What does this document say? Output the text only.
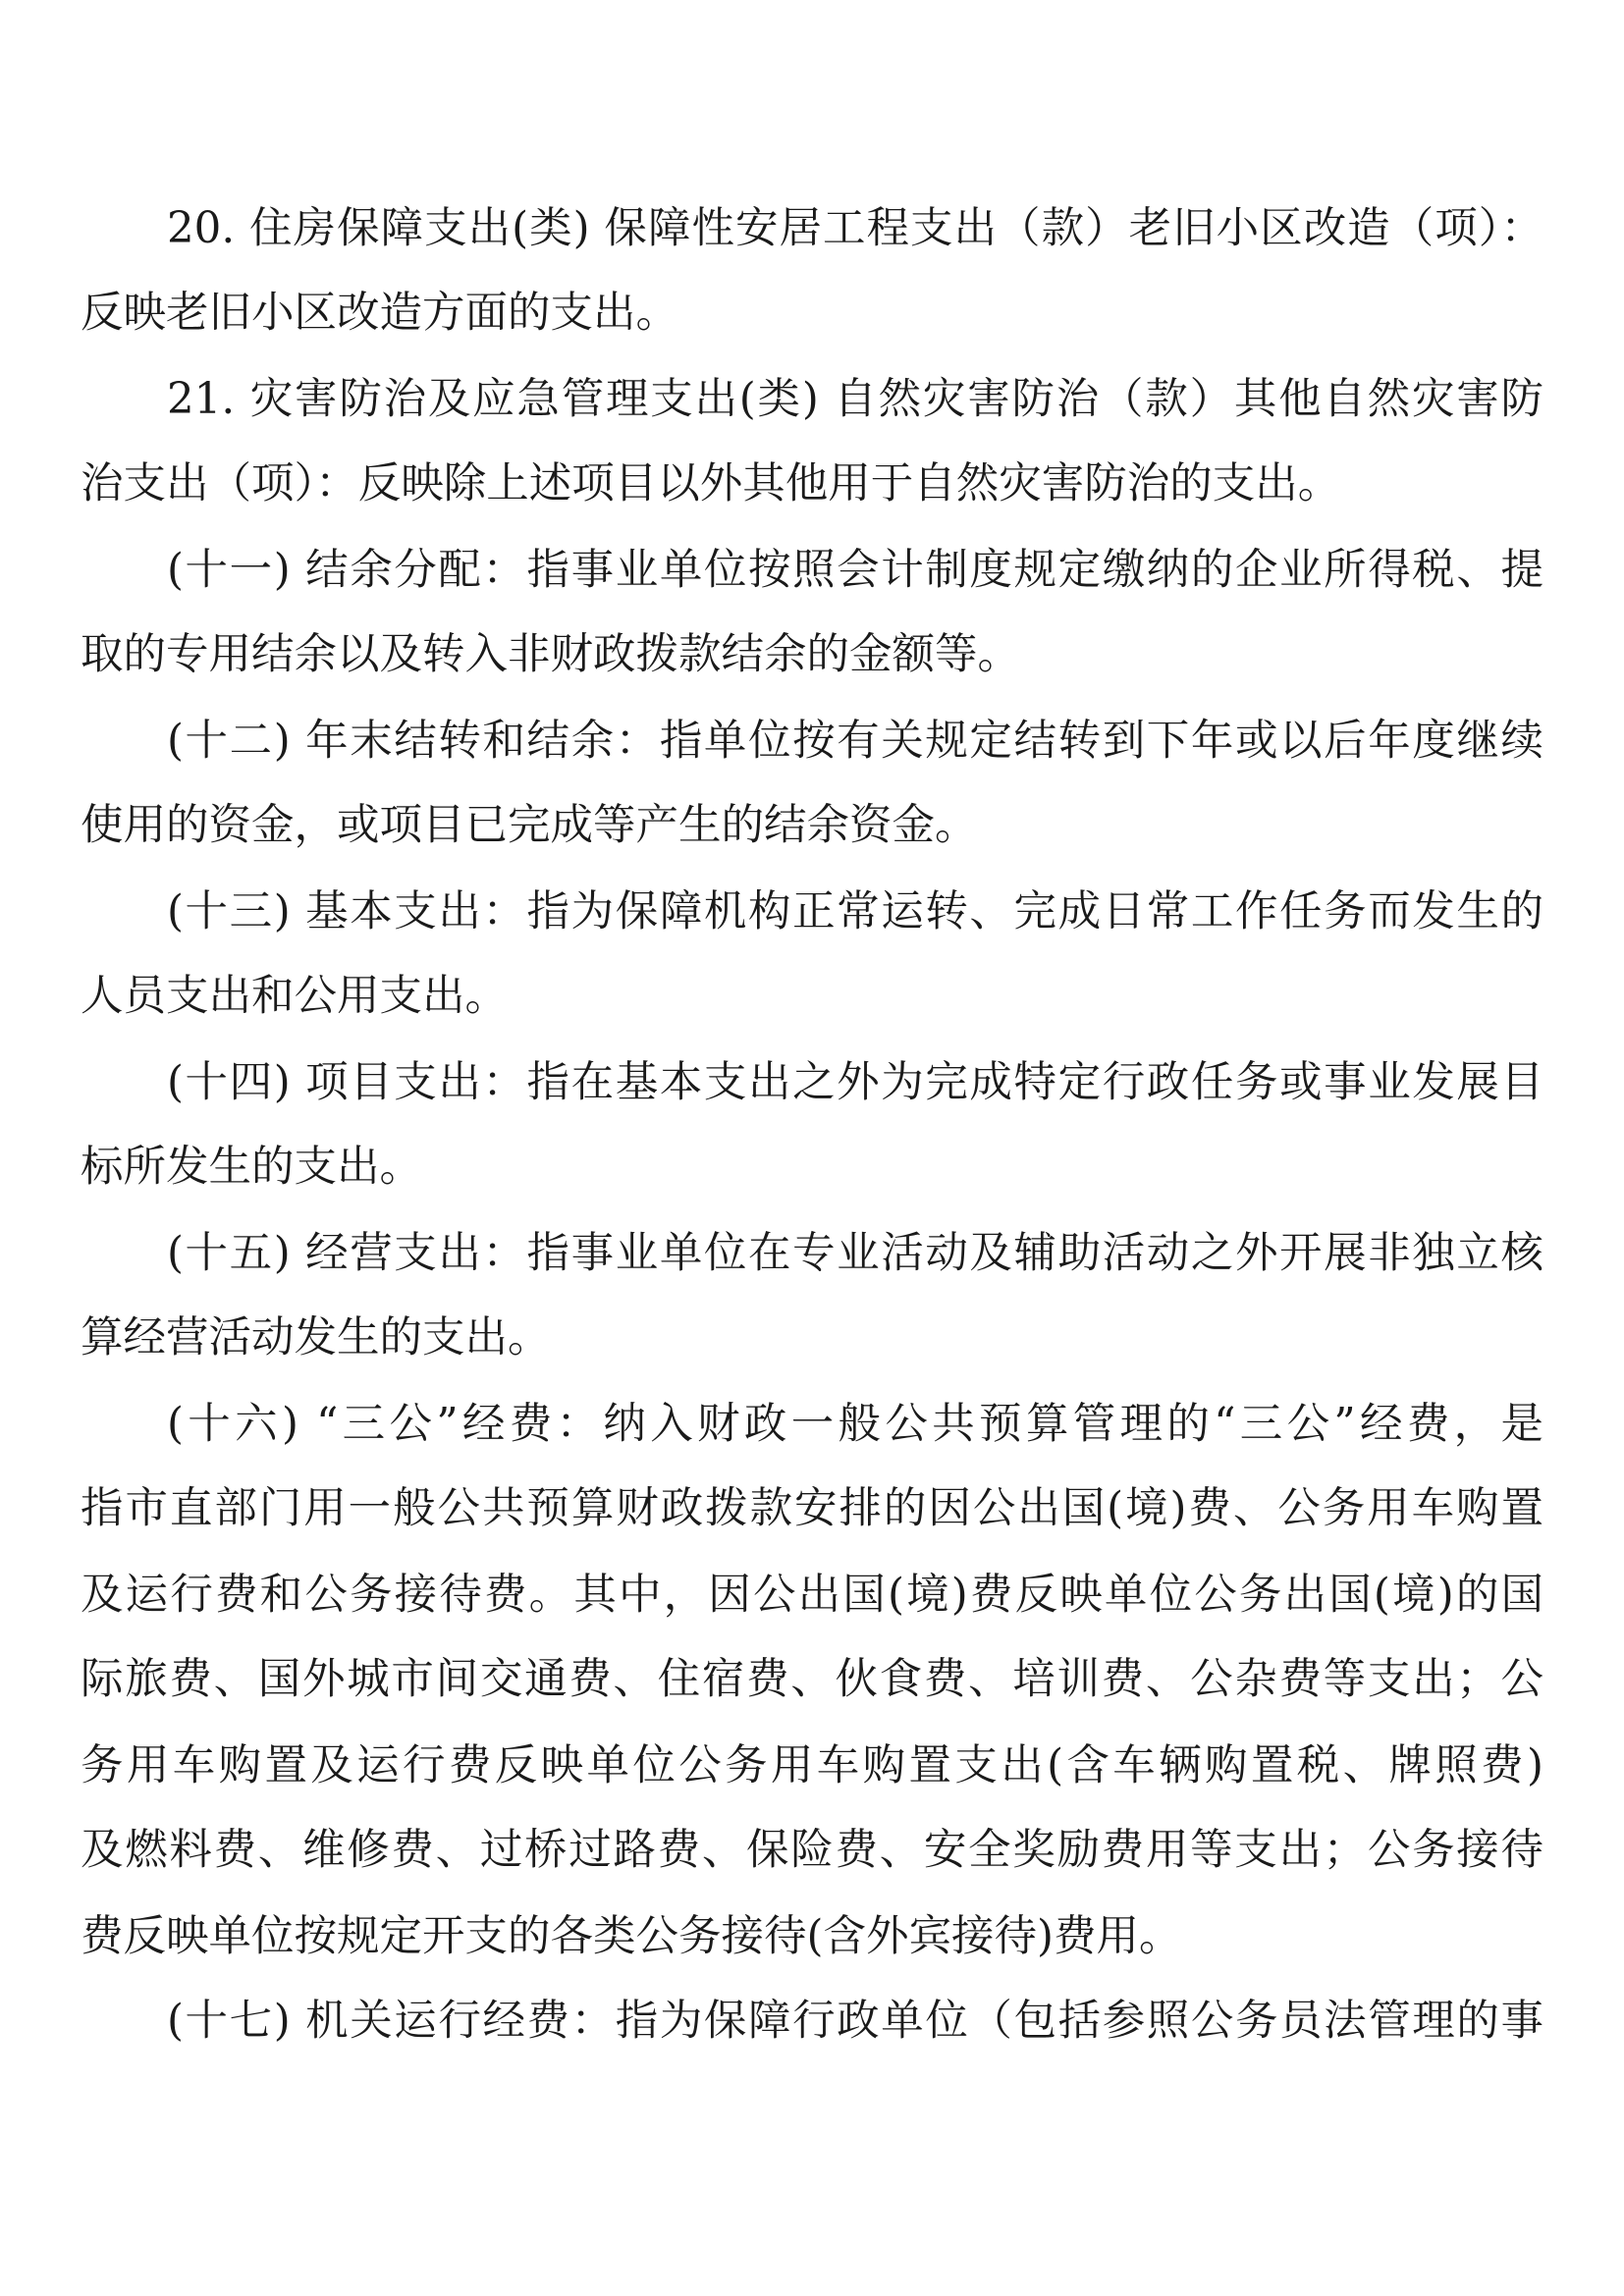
20. 住房保障支出(类) 保障性安居工程支出（款）老旧小区改造（项）：

反映老旧小区改造方面的支出。

21. 灾害防治及应急管理支出(类) 自然灾害防治（款）其他自然灾害防

治支出（项）：反映除上述项目以外其他用于自然灾害防治的支出。

(十一) 结余分配：指事业单位按照会计制度规定缴纳的企业所得税、提

取的专用结余以及转入非财政拨款结余的金额等。

(十二) 年末结转和结余：指单位按有关规定结转到下年或以后年度继续

使用的资金，或项目已完成等产生的结余资金。

(十三) 基本支出：指为保障机构正常运转、完成日常工作任务而发生的

人员支出和公用支出。

(十四) 项目支出：指在基本支出之外为完成特定行政任务或事业发展目

标所发生的支出。

(十五) 经营支出：指事业单位在专业活动及辅助活动之外开展非独立核

算经营活动发生的支出。

(十六) “三公”经费：纳入财政一般公共预算管理的“三公”经费，是

指市直部门用一般公共预算财政拨款安排的因公出国(境)费、公务用车购置

及运行费和公务接待费。其中，因公出国(境)费反映单位公务出国(境)的国

际旅费、国外城市间交通费、住宿费、伙食费、培训费、公杂费等支出；公

务用车购置及运行费反映单位公务用车购置支出(含车辆购置税、牌照费)

及燃料费、维修费、过桥过路费、保险费、安全奖励费用等支出；公务接待

费反映单位按规定开支的各类公务接待(含外宾接待)费用。

(十七) 机关运行经费：指为保障行政单位（包括参照公务员法管理的事
